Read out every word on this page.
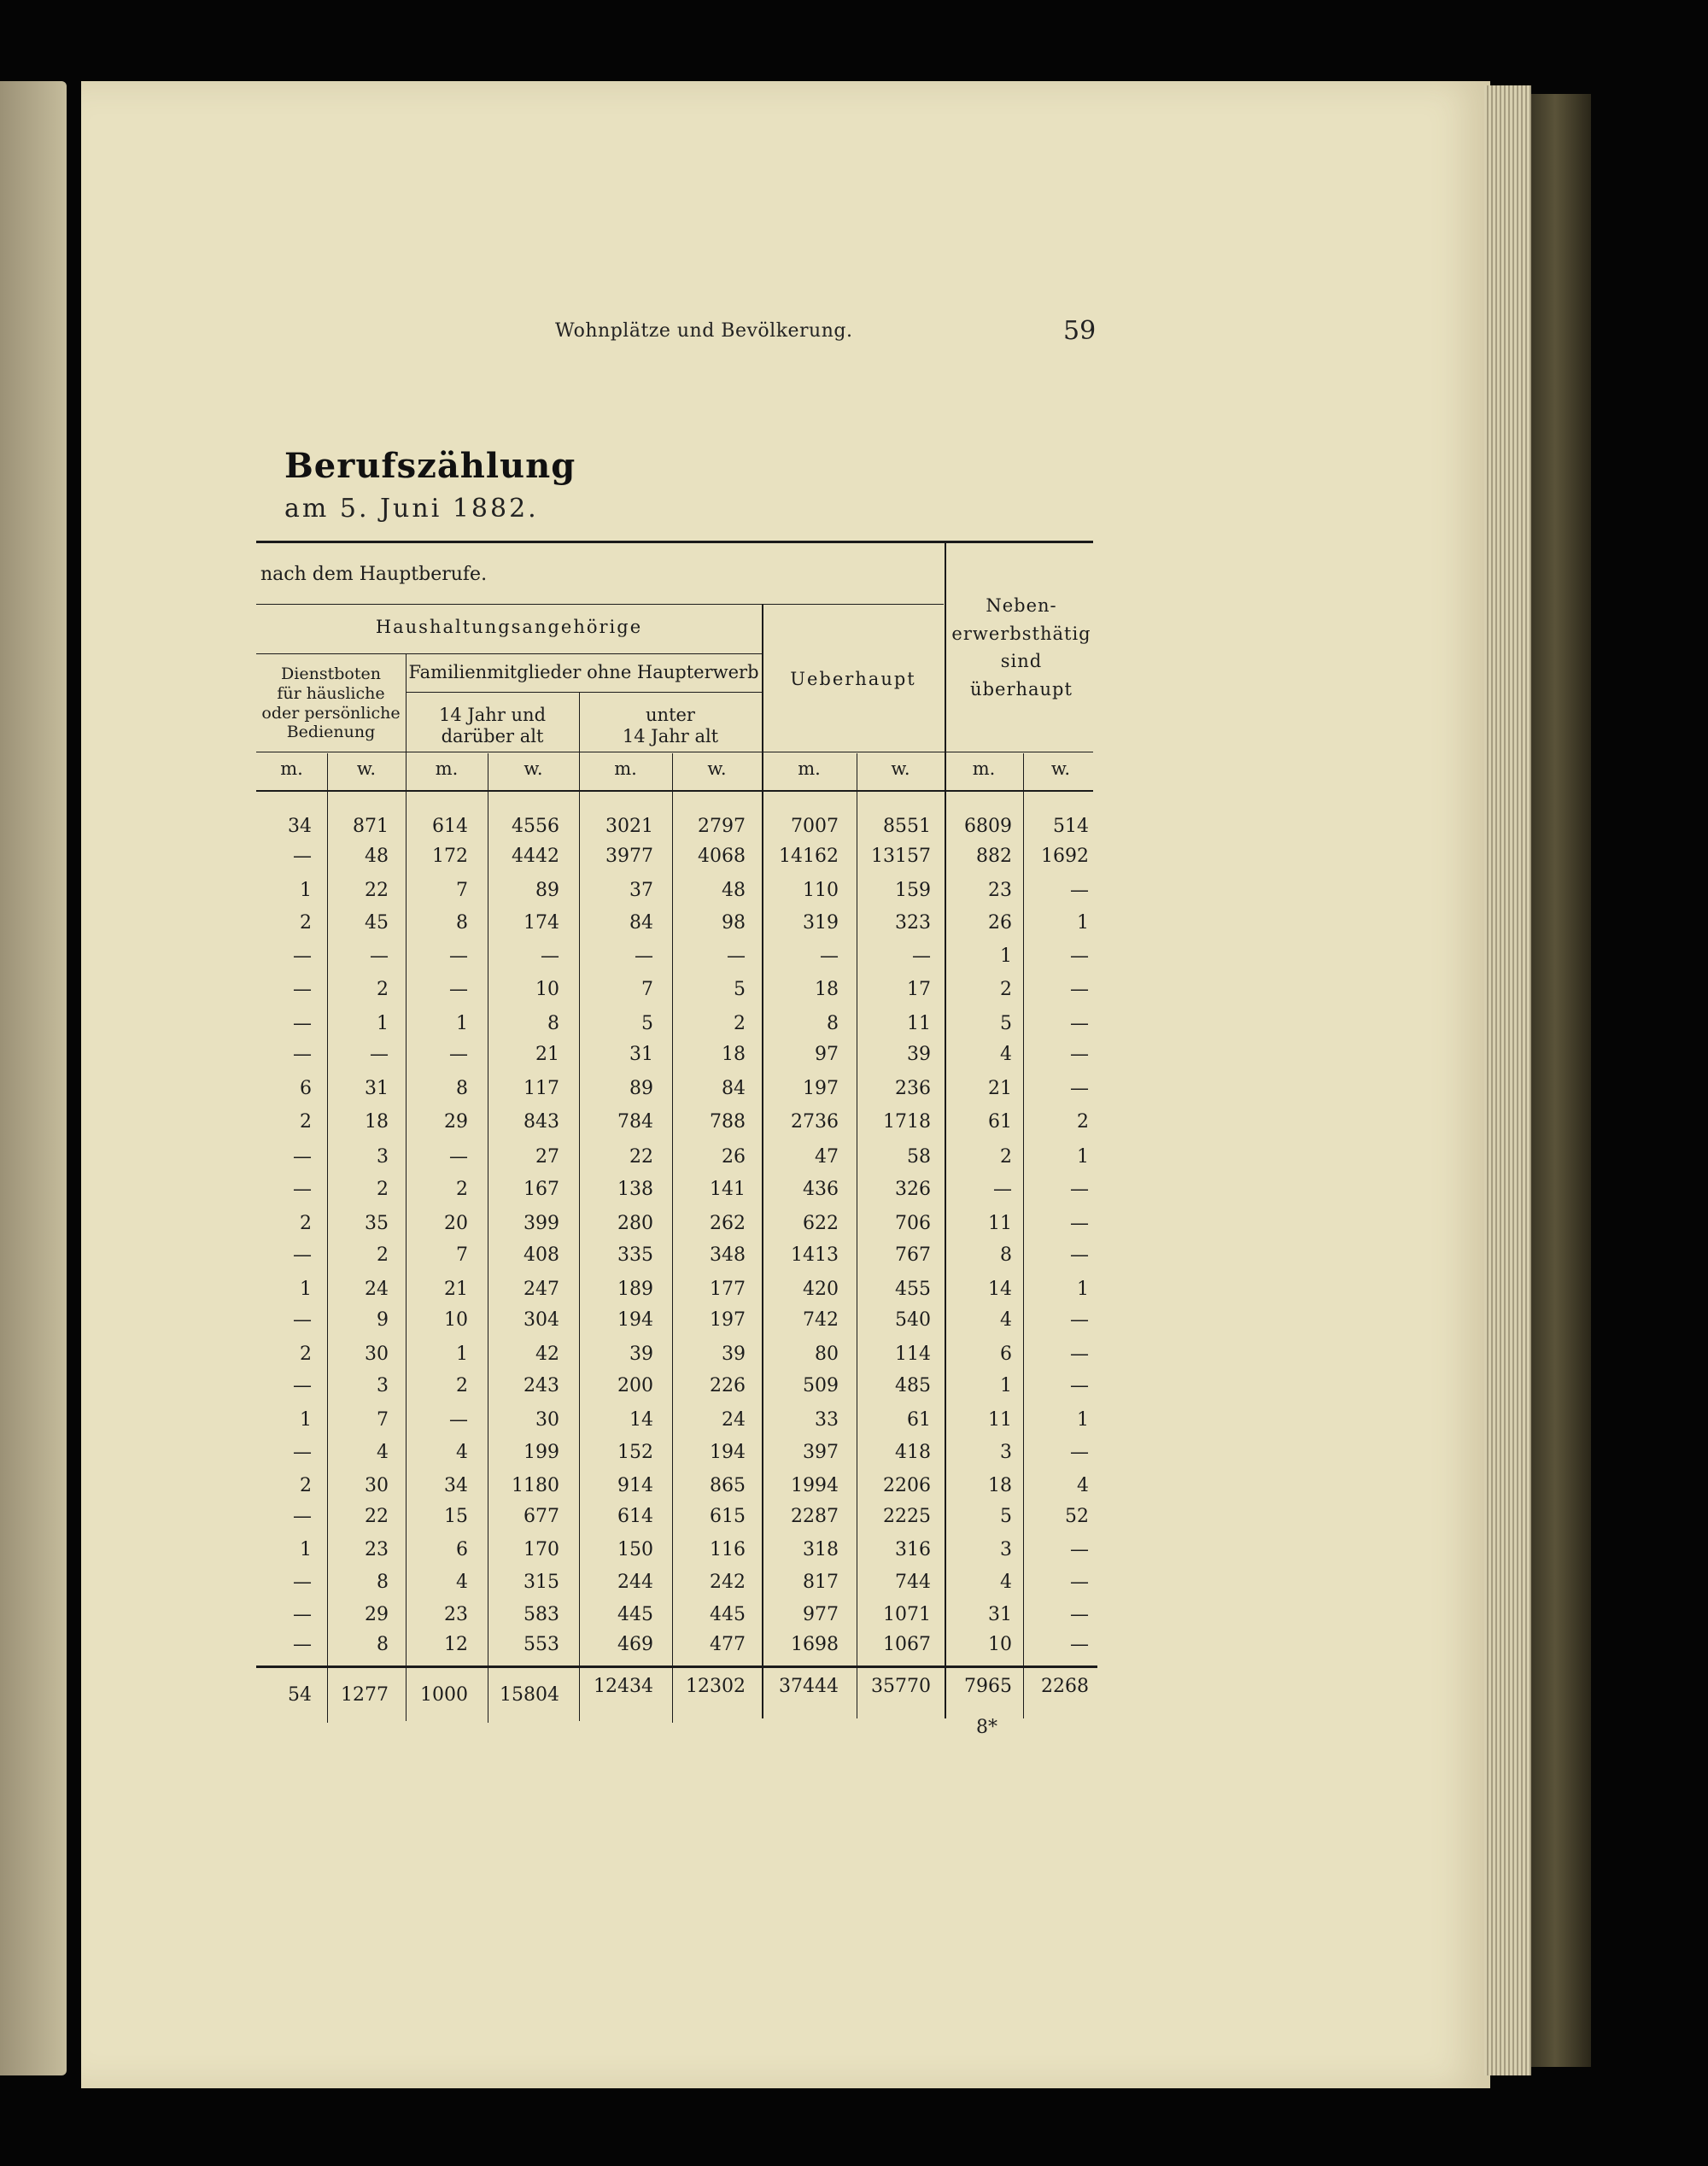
Wohnplätze und Bevölkerung.	59
Berufszählung
am 5. Juni 1882.
nach dem Hauptberufe.
Haushaltungsangehörige
Dienstboten
für häusliche
oder persönliche
Bedienung
Familienmitglieder ohne Haupterwerb
14 Jahr und
darüber alt
unter
14 Jahr alt
Ueberhaupt
Neben-
erwerbsthätig
sind
überhaupt
m.	w.	m.	w.	m.	w.	m.	w.	m.	w.
34	871	614	4556	3021	2797	7007	8551	6809	514
—	48	172	4442	3977	4068	14162	13157	882	1692
1	22	7	89	37	48	110	159	23	—
2	45	8	174	84	98	319	323	26	1
—	—	—	—	—	—	—	—	1	—
—	2	—	10	7	5	18	17	2	—
—	1	1	8	5	2	8	11	5	—
—	—	—	21	31	18	97	39	4	—
6	31	8	117	89	84	197	236	21	—
2	18	29	843	784	788	2736	1718	61	2
—	3	—	27	22	26	47	58	2	1
—	2	2	167	138	141	436	326	—	—
2	35	20	399	280	262	622	706	11	—
—	2	7	408	335	348	1413	767	8	—
1	24	21	247	189	177	420	455	14	1
—	9	10	304	194	197	742	540	4	—
2	30	1	42	39	39	80	114	6	—
—	3	2	243	200	226	509	485	1	—
1	7	—	30	14	24	33	61	11	1
—	4	4	199	152	194	397	418	3	—
2	30	34	1180	914	865	1994	2206	18	4
—	22	15	677	614	615	2287	2225	5	52
1	23	6	170	150	116	318	316	3	—
—	8	4	315	244	242	817	744	4	—
—	29	23	583	445	445	977	1071	31	—
—	8	12	553	469	477	1698	1067	10	—
54	1277	1000	15804	12434	12302	37444	35770	7965	2268
8*
